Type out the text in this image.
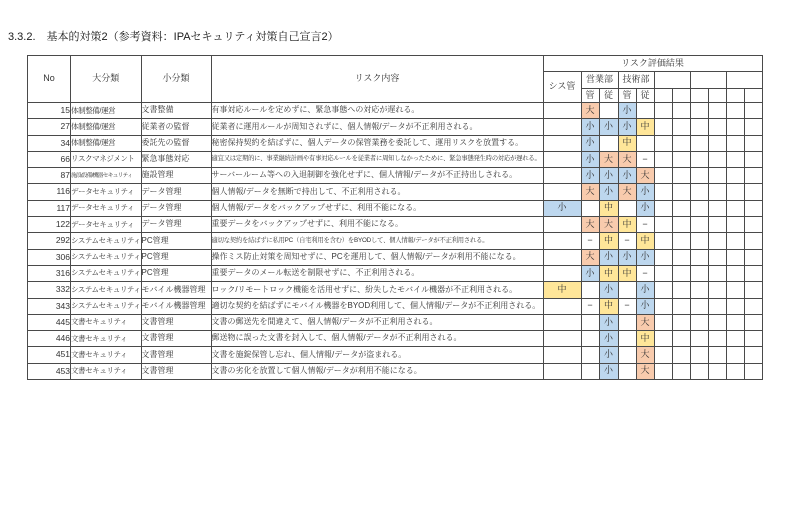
3.3.2.　基本的対策2（参考資料：IPAセキュリティ対策自己宣言2）
No	大分類	小分類	リスク内容	リスク評価結果										
				シス管	営業部		技術部							
					管	従	管	従						
15	体制整備/運営	文書整備	有事対応ルールを定めずに、緊急事態への対応が遅れる。		大		小							
27	体制整備/運営	従業者の監督	従業者に運用ルールが周知されずに、個人情報/データが不正利用される。		小	小	小	中						
34	体制整備/運営	委託先の監督	秘密保持契約を結ばずに、個人データの保管業務を委託して、運用リスクを放置する。		小		中							
66	リスクマネジメント	緊急事態対応	適宜又は定期的に、事業継続計画や有事対応ルールを従業者に周知しなかったために、緊急事態発生時の対応が遅れる。		小	大	大	−						
87	施設/設備/機器セキュリティ	施設管理	サーバールーム等への入退制御を強化せずに、個人情報/データが不正持出しされる。		小	小	小	大						
116	データセキュリティ	データ管理	個人情報/データを無断で持出して、不正利用される。		大	小	大	小						
117	データセキュリティ	データ管理	個人情報/データをバックアップせずに、利用不能になる。	小		中		小						
122	データセキュリティ	データ管理	重要データをバックアップせずに、利用不能になる。		大	大	中	−						
292	システムセキュリティ	PC管理	適切な契約を結ばずに私用PC（自宅利用を含む）をBYODして、個人情報/データが不正利用される。		−	中	−	中						
306	システムセキュリティ	PC管理	操作ミス防止対策を周知せずに、PCを運用して、個人情報/データが利用不能になる。		大	小	小	小						
316	システムセキュリティ	PC管理	重要データのメール転送を制限せずに、不正利用される。		小	中	中	−						
332	システムセキュリティ	モバイル機器管理	ロック/リモートロック機能を活用せずに、紛失したモバイル機器が不正利用される。	中		小		小						
343	システムセキュリティ	モバイル機器管理	適切な契約を結ばずにモバイル機器をBYOD利用して、個人情報/データが不正利用される。		−	中	−	小						
445	文書セキュリティ	文書管理	文書の郵送先を間違えて、個人情報/データが不正利用される。			小		大						
446	文書セキュリティ	文書管理	郵送物に誤った文書を封入して、個人情報/データが不正利用される。			小		中						
451	文書セキュリティ	文書管理	文書を施錠保管し忘れ、個人情報/データが盗まれる。			小		大						
453	文書セキュリティ	文書管理	文書の劣化を放置して個人情報/データが利用不能になる。			小		大						
